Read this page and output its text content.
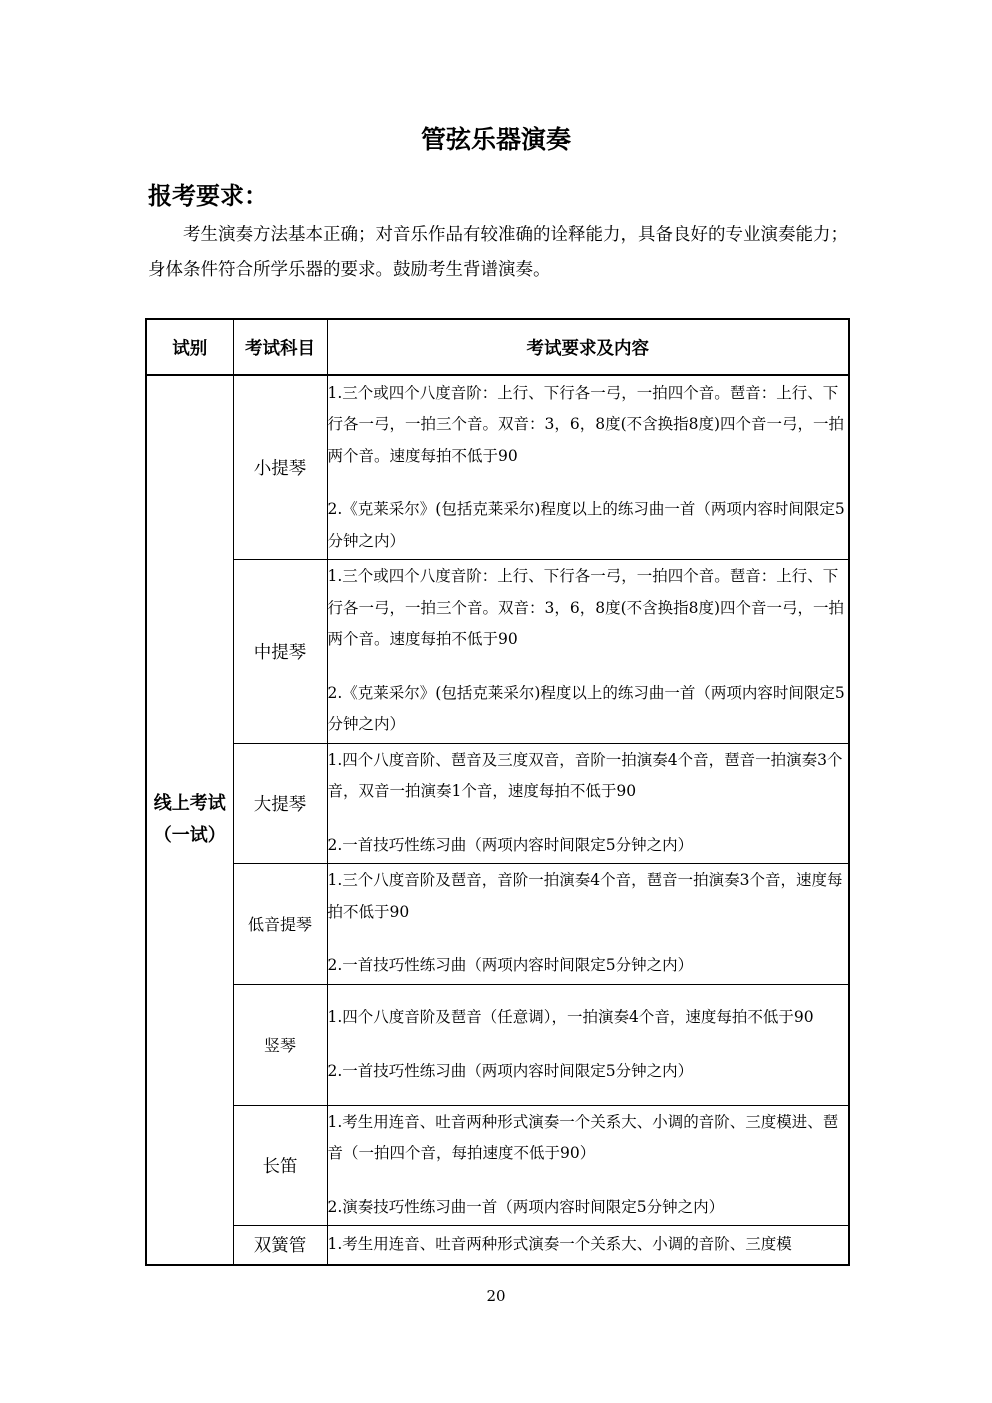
管弦乐器演奏
报考要求：

考生演奏方法基本正确；对音乐作品有较准确的诠释能力，具备良好的专业演奏能力；身体条件符合所学乐器的要求。鼓励考生背谱演奏。

试别	考试科目	考试要求及内容

线上考试
（一试）	小提琴	1.三个或四个八度音阶：上行、下行各一弓，一拍四个音。琶音：上行、下行各一弓，一拍三个音。双音：3，6，8度(不含换指8度)四个音一弓，一拍两个音。速度每拍不低于90
2.《克莱采尔》(包括克莱采尔)程度以上的练习曲一首（两项内容时间限定5分钟之内）

	中提琴	1.三个或四个八度音阶：上行、下行各一弓，一拍四个音。琶音：上行、下行各一弓，一拍三个音。双音：3，6，8度(不含换指8度)四个音一弓，一拍两个音。速度每拍不低于90
2.《克莱采尔》(包括克莱采尔)程度以上的练习曲一首（两项内容时间限定5分钟之内）

	大提琴	1.四个八度音阶、琶音及三度双音，音阶一拍演奏4个音，琶音一拍演奏3个音，双音一拍演奏1个音，速度每拍不低于90
2.一首技巧性练习曲（两项内容时间限定5分钟之内）

	低音提琴	1.三个八度音阶及琶音，音阶一拍演奏4个音，琶音一拍演奏3个音，速度每拍不低于90
2.一首技巧性练习曲（两项内容时间限定5分钟之内）

	竖琴	1.四个八度音阶及琶音（任意调），一拍演奏4个音，速度每拍不低于90
2.一首技巧性练习曲（两项内容时间限定5分钟之内）

	长笛	1.考生用连音、吐音两种形式演奏一个关系大、小调的音阶、三度模进、琶音（一拍四个音，每拍速度不低于90）
2.演奏技巧性练习曲一首（两项内容时间限定5分钟之内）

	双簧管	1.考生用连音、吐音两种形式演奏一个关系大、小调的音阶、三度模

20
